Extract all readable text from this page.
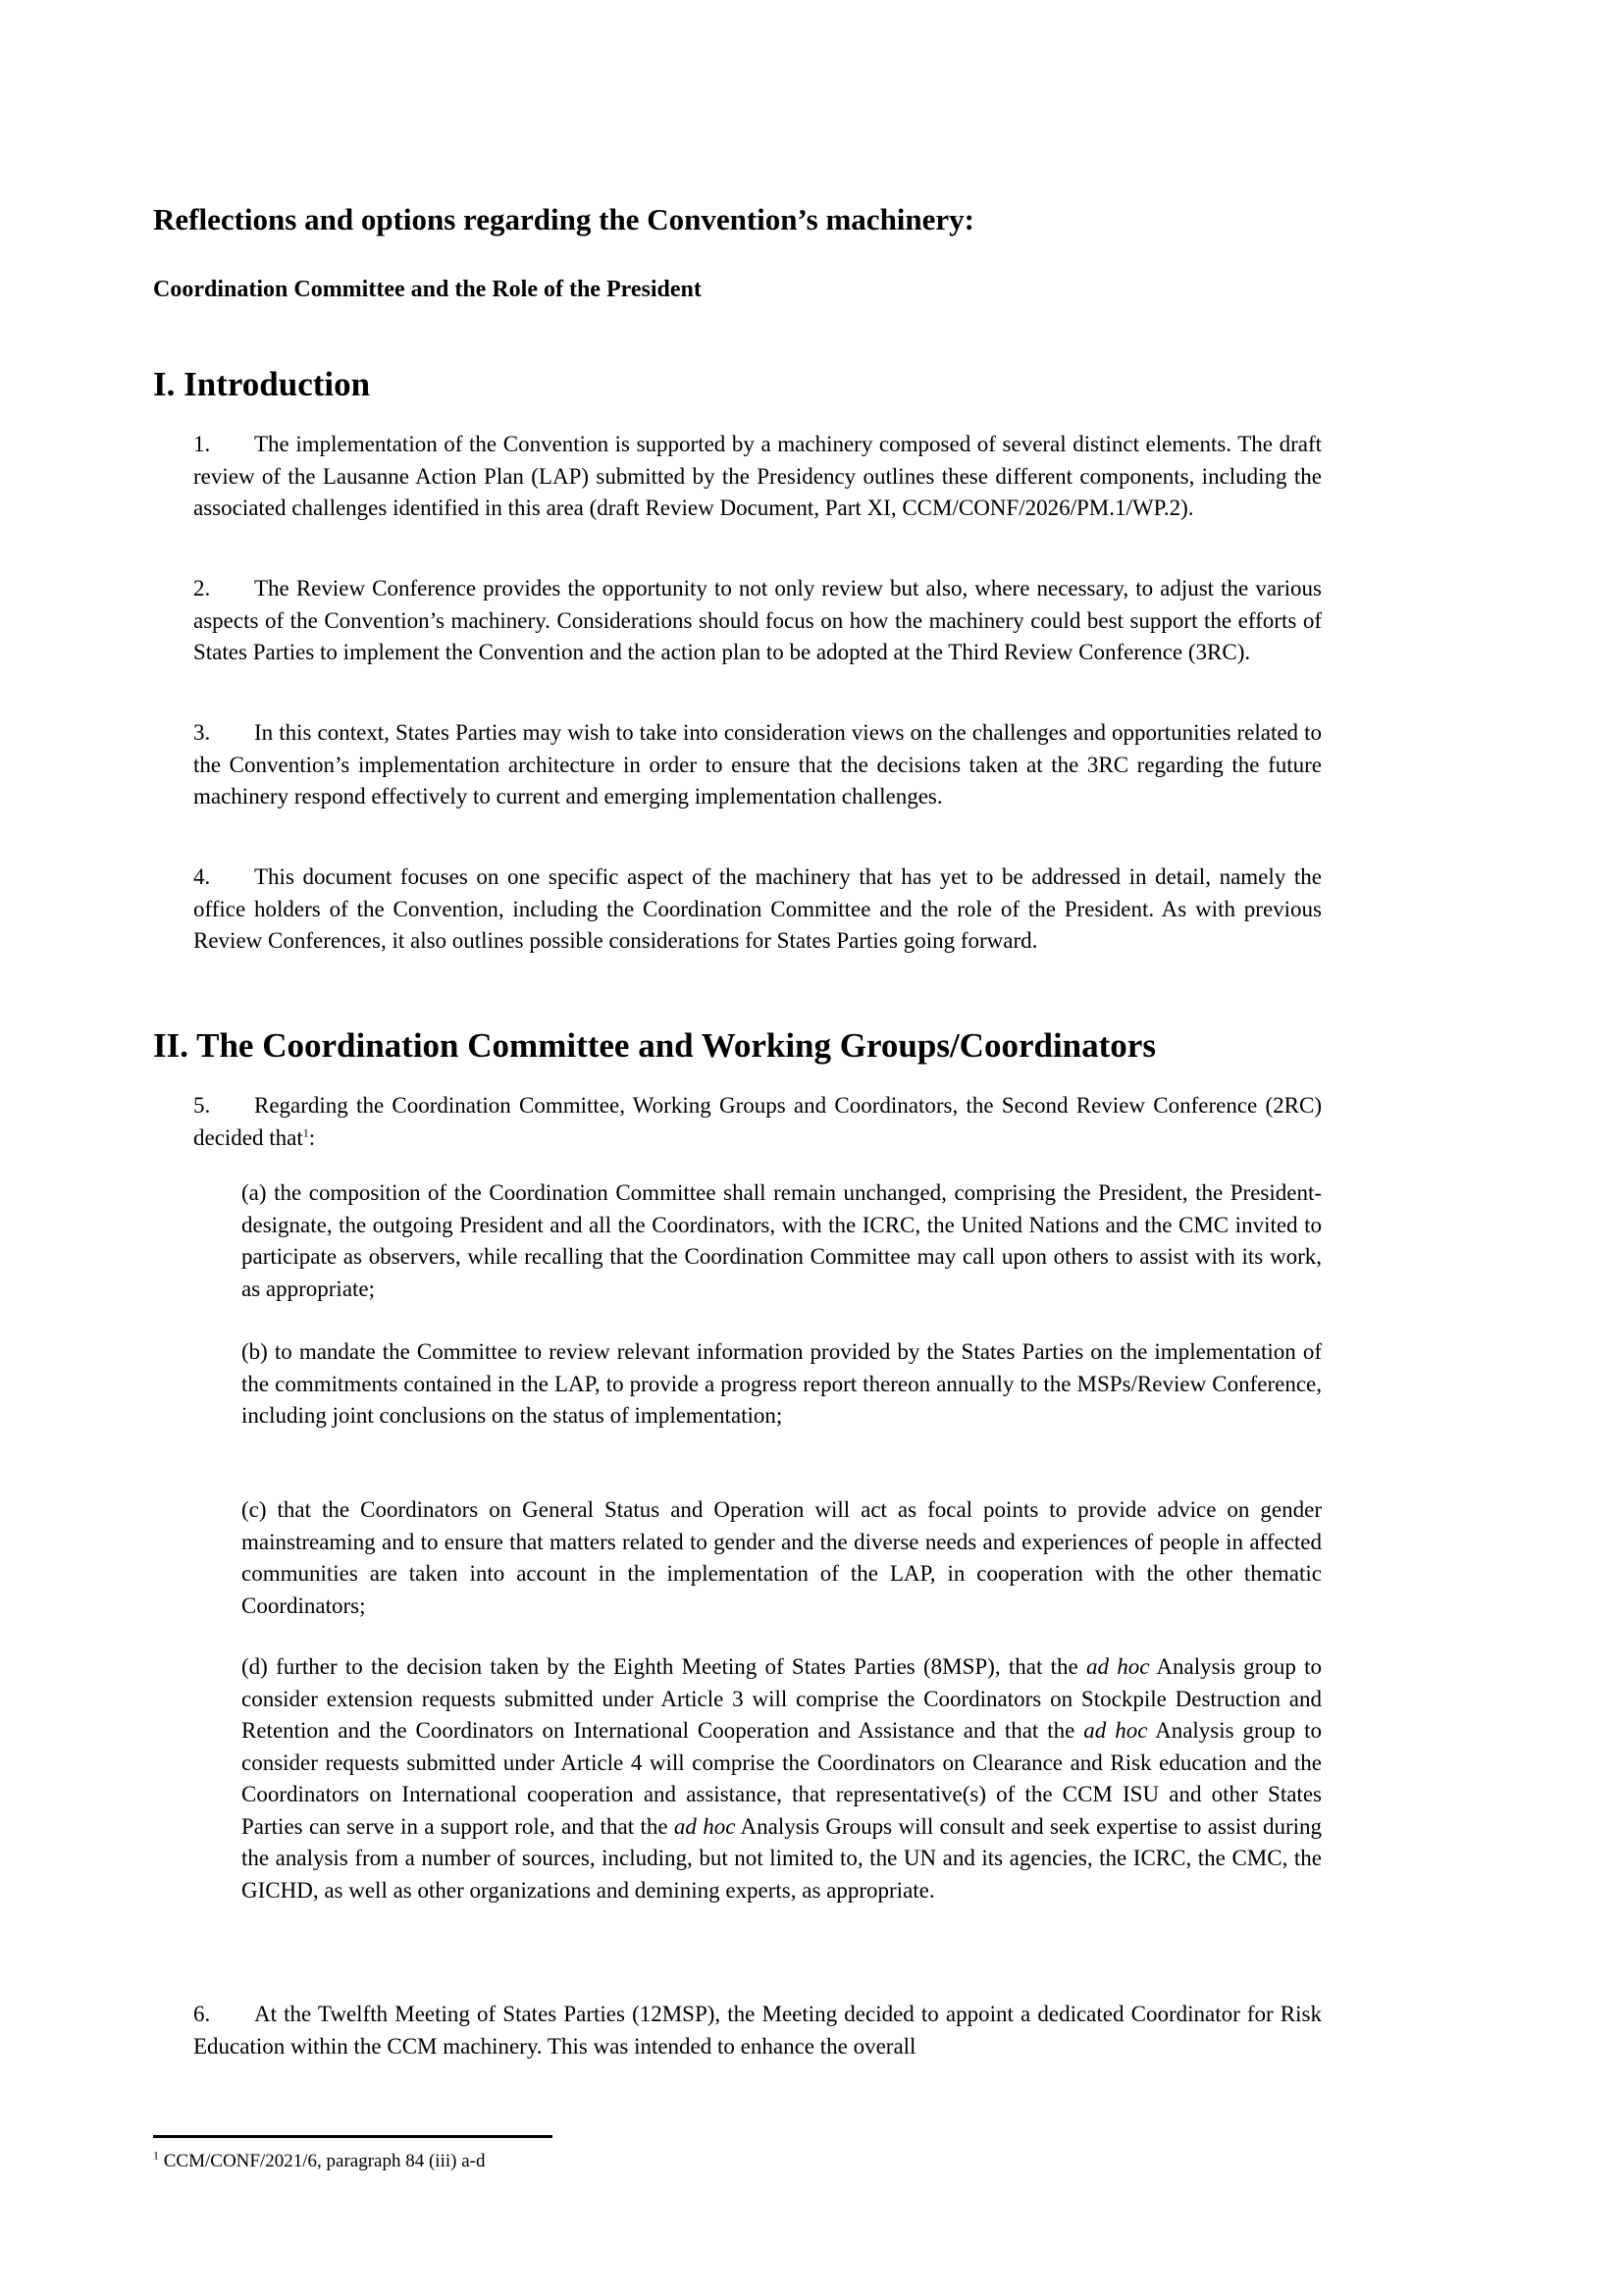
Reflections and options regarding the Convention’s machinery:
Coordination Committee and the Role of the President
I. Introduction

1. The implementation of the Convention is supported by a machinery composed of several distinct elements. The draft review of the Lausanne Action Plan (LAP) submitted by the Presidency outlines these different components, including the associated challenges identified in this area (draft Review Document, Part XI, CCM/CONF/2026/PM.1/WP.2).

2. The Review Conference provides the opportunity to not only review but also, where necessary, to adjust the various aspects of the Convention’s machinery. Considerations should focus on how the machinery could best support the efforts of States Parties to implement the Convention and the action plan to be adopted at the Third Review Conference (3RC).

3. In this context, States Parties may wish to take into consideration views on the challenges and opportunities related to the Convention’s implementation architecture in order to ensure that the decisions taken at the 3RC regarding the future machinery respond effectively to current and emerging implementation challenges.

4. This document focuses on one specific aspect of the machinery that has yet to be addressed in detail, namely the office holders of the Convention, including the Coordination Committee and the role of the President. As with previous Review Conferences, it also outlines possible considerations for States Parties going forward.

II. The Coordination Committee and Working Groups/Coordinators

5. Regarding the Coordination Committee, Working Groups and Coordinators, the Second Review Conference (2RC) decided that$^1$:

(a) the composition of the Coordination Committee shall remain unchanged, comprising the President, the President-designate, the outgoing President and all the Coordinators, with the ICRC, the United Nations and the CMC invited to participate as observers, while recalling that the Coordination Committee may call upon others to assist with its work, as appropriate;

(b) to mandate the Committee to review relevant information provided by the States Parties on the implementation of the commitments contained in the LAP, to provide a progress report thereon annually to the MSPs/Review Conference, including joint conclusions on the status of implementation;

(c) that the Coordinators on General Status and Operation will act as focal points to provide advice on gender mainstreaming and to ensure that matters related to gender and the diverse needs and experiences of people in affected communities are taken into account in the implementation of the LAP, in cooperation with the other thematic Coordinators;

(d) further to the decision taken by the Eighth Meeting of States Parties (8MSP), that the ad hoc Analysis group to consider extension requests submitted under Article 3 will comprise the Coordinators on Stockpile Destruction and Retention and the Coordinators on International Cooperation and Assistance and that the ad hoc Analysis group to consider requests submitted under Article 4 will comprise the Coordinators on Clearance and Risk education and the Coordinators on International cooperation and assistance, that representative(s) of the CCM ISU and other States Parties can serve in a support role, and that the ad hoc Analysis Groups will consult and seek expertise to assist during the analysis from a number of sources, including, but not limited to, the UN and its agencies, the ICRC, the CMC, the GICHD, as well as other organizations and demining experts, as appropriate.

6. At the Twelfth Meeting of States Parties (12MSP), the Meeting decided to appoint a dedicated Coordinator for Risk Education within the CCM machinery. This was intended to enhance the overall

$^1$ CCM/CONF/2021/6, paragraph 84 (iii) a-d
